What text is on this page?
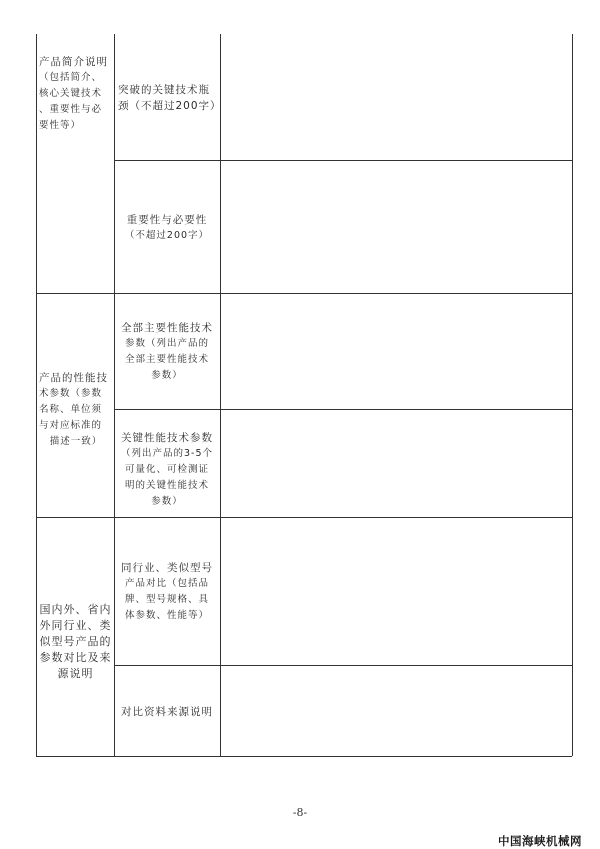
产品简介说明
（包括简介、
核心关键技术
、重要性与必
要性等）
突破的关键技术瓶
颈（不超过200字）
重要性与必要性
（不超过200字）
产品的性能技
术参数（参数
名称、单位须
与对应标准的
描述一致）
全部主要性能技术
参数（列出产品的
全部主要性能技术
参数）
关键性能技术参数
（列出产品的3-5个
可量化、可检测证
明的关键性能技术
参数）
国内外、省内
外同行业、类
似型号产品的
参数对比及来
源说明
同行业、类似型号
产品对比（包括品
牌、型号规格、具
体参数、性能等）
对比资料来源说明
-8-
中国海峡机械网
